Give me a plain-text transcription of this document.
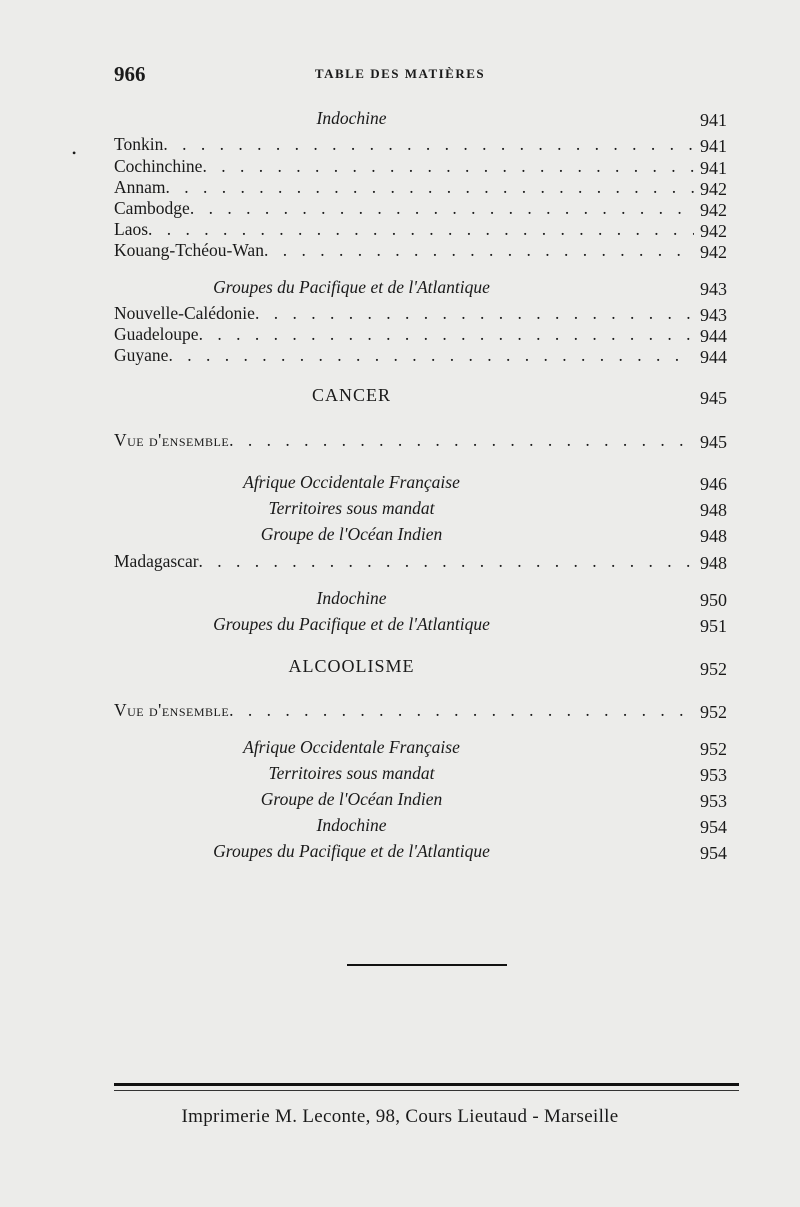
966	TABLE DES MATIÈRES
•
Indochine	941
Tonkin . . .	941
Cochinchine . . .	941
Annam . . .	942
Cambodge . . .	942
Laos . . .	942
Kouang-Tchéou-Wan . . .	942
Groupes du Pacifique et de l'Atlantique	943
Nouvelle-Calédonie . . .	943
Guadeloupe . . .	944
Guyane . . .	944
CANCER	945
Vue d'ensemble . . .	945
Afrique Occidentale Française	946
Territoires sous mandat	948
Groupe de l'Océan Indien	948
Madagascar . . .	948
Indochine	950
Groupes du Pacifique et de l'Atlantique	951
ALCOOLISME	952
Vue d'ensemble . . .	952
Afrique Occidentale Française	952
Territoires sous mandat	953
Groupe de l'Océan Indien	953
Indochine	954
Groupes du Pacifique et de l'Atlantique	954
Imprimerie M. Leconte, 98, Cours Lieutaud - Marseille
